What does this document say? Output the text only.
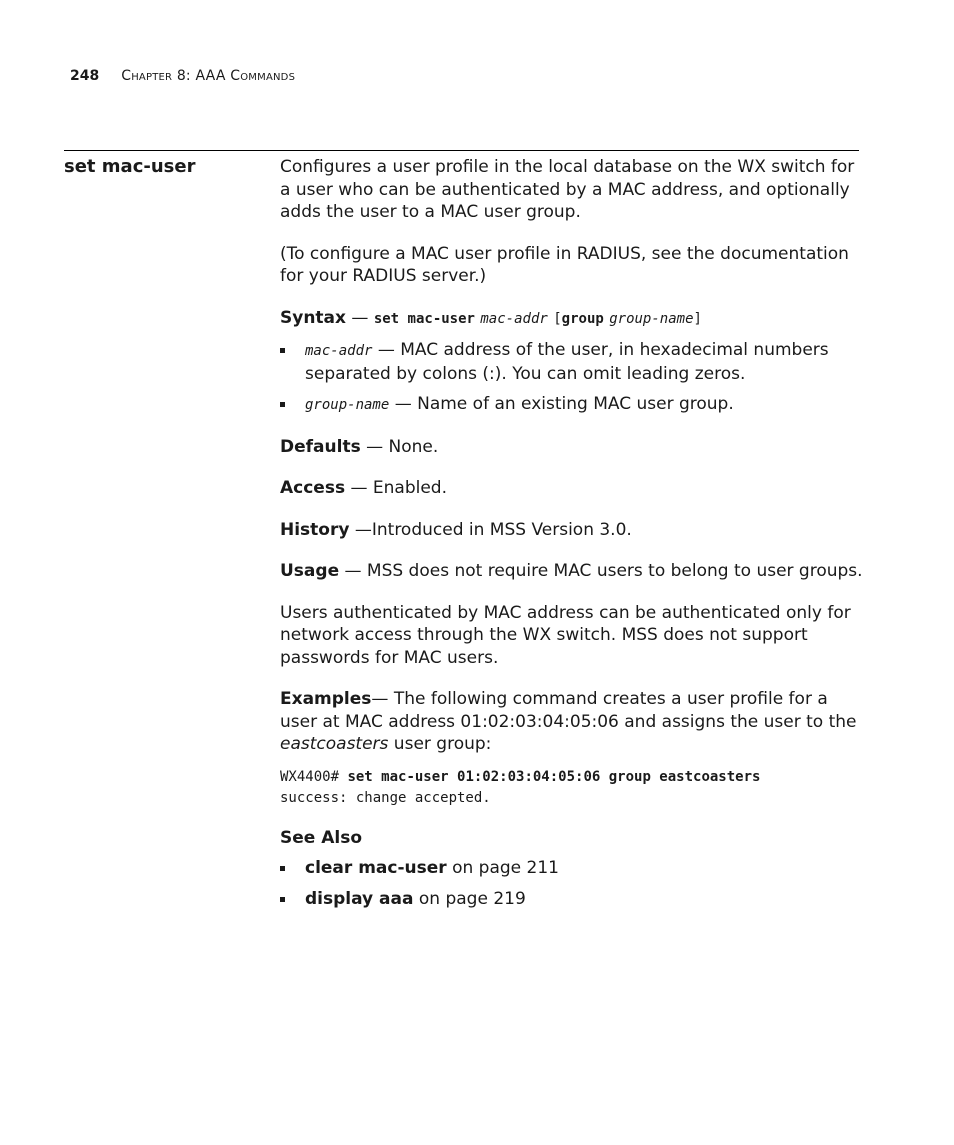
248 Chapter 8: AAA Commands
set mac-user	Configures a user profile in the local database on the WX switch for a user who can be authenticated by a MAC address, and optionally adds the user to a MAC user group.

(To configure a MAC user profile in RADIUS, see the documentation for your RADIUS server.)

Syntax — set mac-user mac-addr [group group-name]

mac-addr — MAC address of the user, in hexadecimal numbers separated by colons (:). You can omit leading zeros.
group-name — Name of an existing MAC user group.

Defaults — None.

Access — Enabled.

History —Introduced in MSS Version 3.0.

Usage — MSS does not require MAC users to belong to user groups.

Users authenticated by MAC address can be authenticated only for network access through the WX switch. MSS does not support passwords for MAC users.

Examples— The following command creates a user profile for a user at MAC address 01:02:03:04:05:06 and assigns the user to the eastcoasters user group:

WX4400# set mac-user 01:02:03:04:05:06 group eastcoasters
success: change accepted.

See Also

clear mac-user on page 211
display aaa on page 219
